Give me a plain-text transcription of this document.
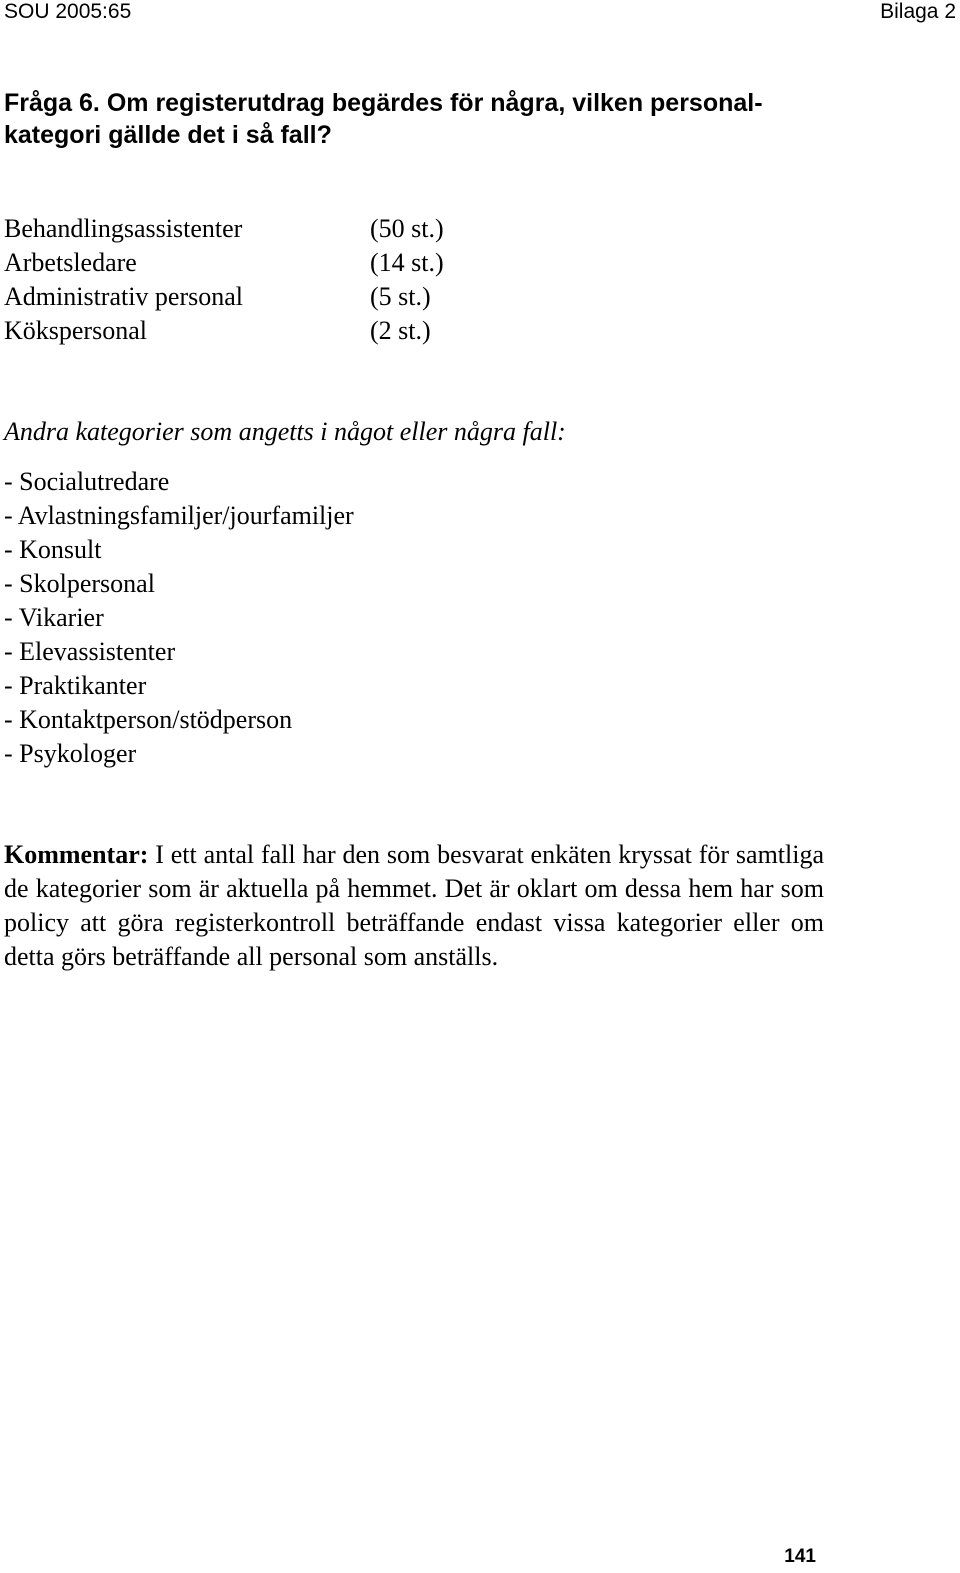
SOU 2005:65	Bilaga 2
Fråga 6. Om registerutdrag begärdes för några, vilken personal-
kategori gällde det i så fall?
Behandlingsassistenter	(50 st.)
Arbetsledare	(14 st.)
Administrativ personal	(5 st.)
Kökspersonal	(2 st.)
Andra kategorier som angetts i något eller några fall:
- Socialutredare
- Avlastningsfamiljer/jourfamiljer
- Konsult
- Skolpersonal
- Vikarier
- Elevassistenter
- Praktikanter
- Kontaktperson/stödperson
- Psykologer

Kommentar: I ett antal fall har den som besvarat enkäten kryssat för samtliga de kategorier som är aktuella på hemmet. Det är oklart om dessa hem har som policy att göra registerkontroll beträffande endast vissa kategorier eller om detta görs beträffande all personal som anställs.

141
